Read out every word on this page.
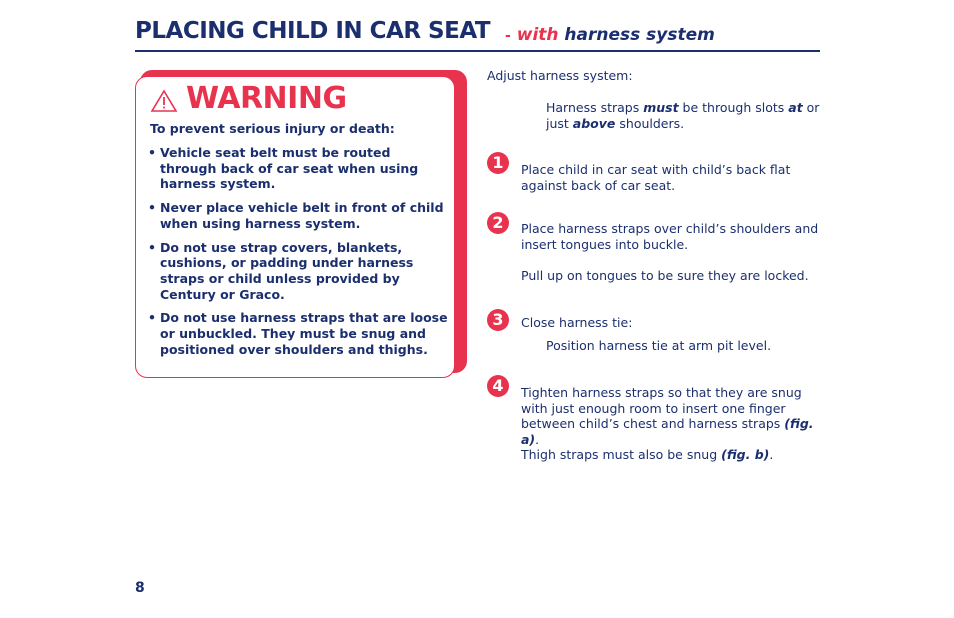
PLACING CHILD IN CAR SEAT - with harness system
WARNING
To prevent serious injury or death:
• Vehicle seat belt must be routed through back of car seat when using harness system.
• Never place vehicle belt in front of child when using harness system.
• Do not use strap covers, blankets, cushions, or padding under harness straps or child unless provided by Century or Graco.
• Do not use harness straps that are loose or unbuckled. They must be snug and positioned over shoulders and thighs.
Adjust harness system:
Harness straps must be through slots at or just above shoulders.
1	Place child in car seat with child’s back flat against back of car seat.
2	Place harness straps over child’s shoulders and insert tongues into buckle.
Pull up on tongues to be sure they are locked.
3	Close harness tie:
Position harness tie at arm pit level.
4	Tighten harness straps so that they are snug with just enough room to insert one finger between child’s chest and harness straps (fig. a).
Thigh straps must also be snug (fig. b).
8
